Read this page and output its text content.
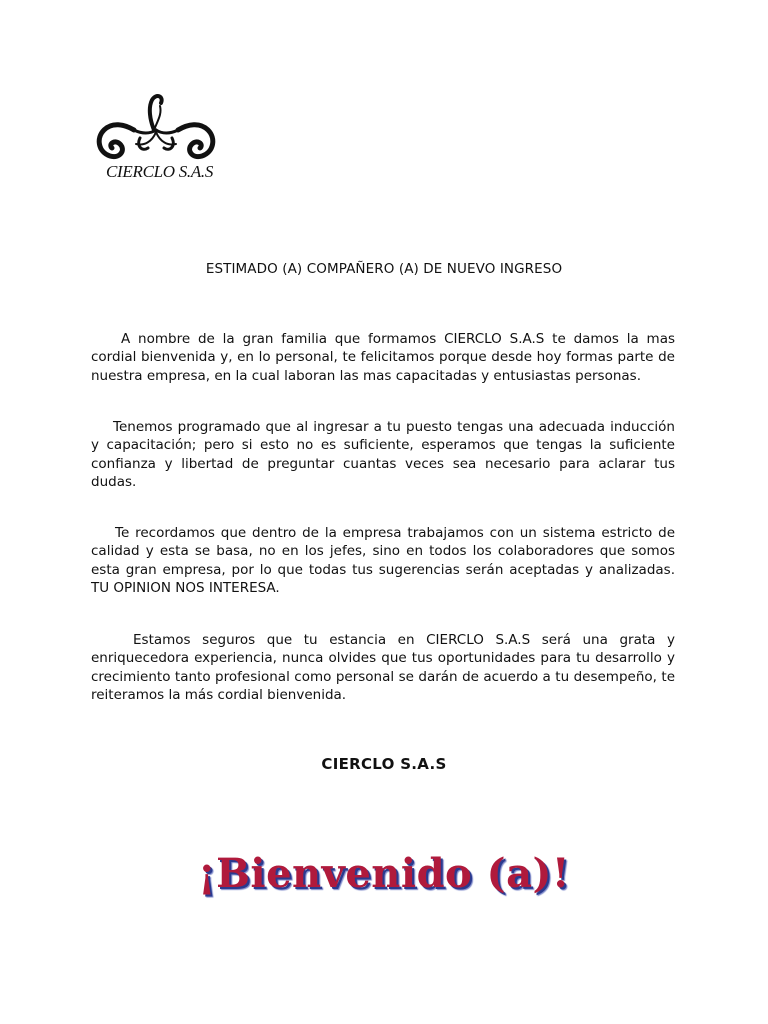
CIERCLO S.A.S
ESTIMADO (A) COMPAÑERO (A) DE NUEVO INGRESO
A nombre de la gran familia que formamos CIERCLO S.A.S te damos la mas cordial bienvenida y, en lo personal, te felicitamos porque desde hoy formas parte de nuestra empresa, en la cual laboran las mas capacitadas y entusiastas personas.
Tenemos programado que al ingresar a tu puesto tengas una adecuada inducción y capacitación; pero si esto no es suficiente, esperamos que tengas la suficiente confianza y libertad de preguntar cuantas veces sea necesario para aclarar tus dudas.
Te recordamos que dentro de la empresa trabajamos con un sistema estricto de calidad y esta se basa, no en los jefes, sino en todos los colaboradores que somos esta gran empresa, por lo que todas tus sugerencias serán aceptadas y analizadas. TU OPINION NOS INTERESA.
Estamos seguros que tu estancia en CIERCLO S.A.S será una grata y enriquecedora experiencia, nunca olvides que tus oportunidades para tu desarrollo y crecimiento tanto profesional como personal se darán de acuerdo a tu desempeño, te reiteramos la más cordial bienvenida.
CIERCLO S.A.S
¡Bienvenido (a)!
